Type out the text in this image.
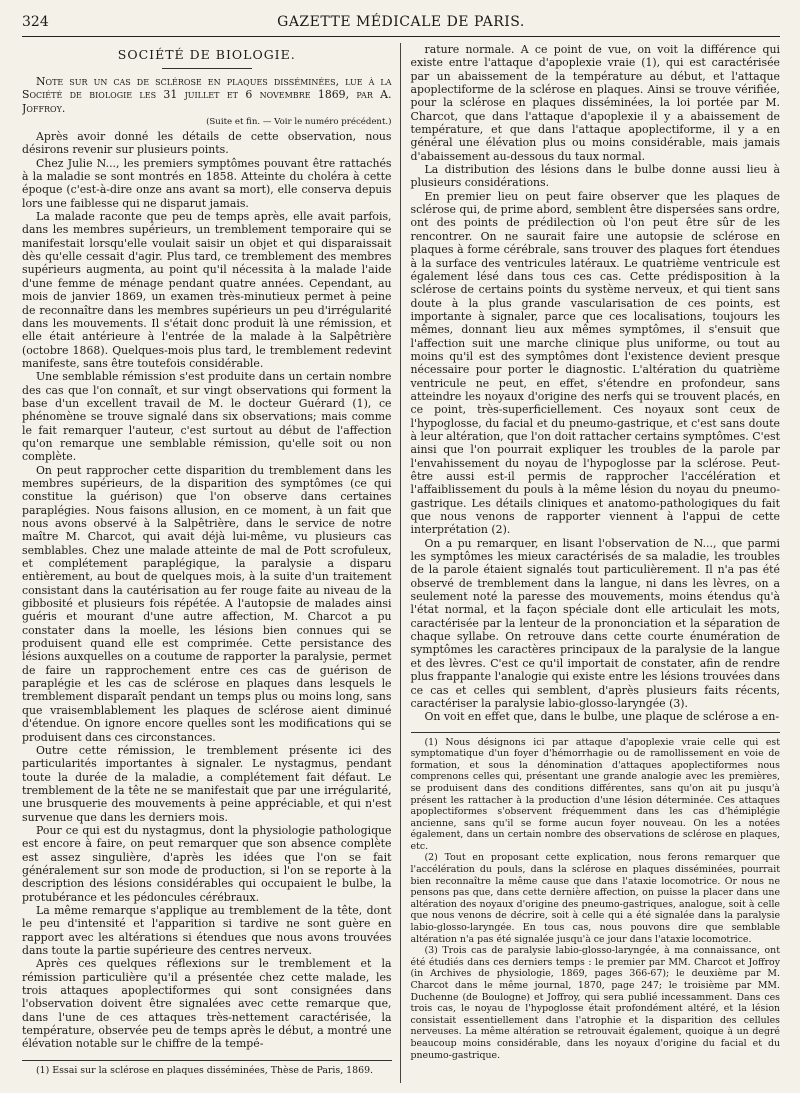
324	GAZETTE MÉDICALE DE PARIS.
SOCIÉTÉ DE BIOLOGIE.

Note sur un cas de sclérose en plaques disséminées, lue à la Société de biologie les 31 juillet et 6 novembre 1869, par A. Joffroy.

(Suite et fin. — Voir le numéro précédent.)

Après avoir donné les détails de cette observation, nous désirons revenir sur plusieurs points.

Chez Julie N..., les premiers symptômes pouvant être rattachés à la maladie se sont montrés en 1858. Atteinte du choléra à cette époque (c'est-à-dire onze ans avant sa mort), elle conserva depuis lors une faiblesse qui ne disparut jamais.

La malade raconte que peu de temps après, elle avait parfois, dans les membres supérieurs, un tremblement temporaire qui se manifestait lorsqu'elle voulait saisir un objet et qui disparaissait dès qu'elle cessait d'agir. Plus tard, ce tremblement des membres supérieurs augmenta, au point qu'il nécessita à la malade l'aide d'une femme de ménage pendant quatre années. Cependant, au mois de janvier 1869, un examen très-minutieux permet à peine de reconnaître dans les membres supérieurs un peu d'irrégularité dans les mouvements. Il s'était donc produit là une rémission, et elle était antérieure à l'entrée de la malade à la Salpêtrière (octobre 1868). Quelques-mois plus tard, le tremblement redevint manifeste, sans être toutefois considérable.

Une semblable rémission s'est produite dans un certain nombre des cas que l'on connaît, et sur vingt observations qui forment la base d'un excellent travail de M. le docteur Guérard (1), ce phénomène se trouve signalé dans six observations; mais comme le fait remarquer l'auteur, c'est surtout au début de l'affection qu'on remarque une semblable rémission, qu'elle soit ou non complète.

On peut rapprocher cette disparition du tremblement dans les membres supérieurs, de la disparition des symptômes (ce qui constitue la guérison) que l'on observe dans certaines paraplégies. Nous faisons allusion, en ce moment, à un fait que nous avons observé à la Salpêtrière, dans le service de notre maître M. Charcot, qui avait déjà lui-même, vu plusieurs cas semblables. Chez une malade atteinte de mal de Pott scrofuleux, et complétement paraplégique, la paralysie a disparu entièrement, au bout de quelques mois, à la suite d'un traitement consistant dans la cautérisation au fer rouge faite au niveau de la gibbosité et plusieurs fois répétée. A l'autopsie de malades ainsi guéris et mourant d'une autre affection, M. Charcot a pu constater dans la moelle, les lésions bien connues qui se produisent quand elle est comprimée. Cette persistance des lésions auxquelles on a coutume de rapporter la paralysie, permet de faire un rapprochement entre ces cas de guérison de paraplégie et les cas de sclérose en plaques dans lesquels le tremblement disparaît pendant un temps plus ou moins long, sans que vraisemblablement les plaques de sclérose aient diminué d'étendue. On ignore encore quelles sont les modifications qui se produisent dans ces circonstances.

Outre cette rémission, le tremblement présente ici des particularités importantes à signaler. Le nystagmus, pendant toute la durée de la maladie, a complétement fait défaut. Le tremblement de la tête ne se manifestait que par une irrégularité, une brusquerie des mouvements à peine appréciable, et qui n'est survenue que dans les derniers mois.

Pour ce qui est du nystagmus, dont la physiologie pathologique est encore à faire, on peut remarquer que son absence complète est assez singulière, d'après les idées que l'on se fait généralement sur son mode de production, si l'on se reporte à la description des lésions considérables qui occupaient le bulbe, la protubérance et les pédoncules cérébraux.

La même remarque s'applique au tremblement de la tête, dont le peu d'intensité et l'apparition si tardive ne sont guère en rapport avec les altérations si étendues que nous avons trouvées dans toute la partie supérieure des centres nerveux.

Après ces quelques réflexions sur le tremblement et la rémission particulière qu'il a présentée chez cette malade, les trois attaques apoplectiformes qui sont consignées dans l'observation doivent être signalées avec cette remarque que, dans l'une de ces attaques très-nettement caractérisée, la température, observée peu de temps après le début, a montré une élévation notable sur le chiffre de la tempé-

(1) Essai sur la sclérose en plaques disséminées, Thèse de Paris, 1869.

rature normale. A ce point de vue, on voit la différence qui existe entre l'attaque d'apoplexie vraie (1), qui est caractérisée par un abaissement de la température au début, et l'attaque apoplectiforme de la sclérose en plaques. Ainsi se trouve vérifiée, pour la sclérose en plaques disséminées, la loi portée par M. Charcot, que dans l'attaque d'apoplexie il y a abaissement de température, et que dans l'attaque apoplectiforme, il y a en général une élévation plus ou moins considérable, mais jamais d'abaissement au-dessous du taux normal.

La distribution des lésions dans le bulbe donne aussi lieu à plusieurs considérations.

En premier lieu on peut faire observer que les plaques de sclérose qui, de prime abord, semblent être dispersées sans ordre, ont des points de prédilection où l'on peut être sûr de les rencontrer. On ne saurait faire une autopsie de sclérose en plaques à forme cérébrale, sans trouver des plaques fort étendues à la surface des ventricules latéraux. Le quatrième ventricule est également lésé dans tous ces cas. Cette prédisposition à la sclérose de certains points du système nerveux, et qui tient sans doute à la plus grande vascularisation de ces points, est importante à signaler, parce que ces localisations, toujours les mêmes, donnant lieu aux mêmes symptômes, il s'ensuit que l'affection suit une marche clinique plus uniforme, ou tout au moins qu'il est des symptômes dont l'existence devient presque nécessaire pour porter le diagnostic. L'altération du quatrième ventricule ne peut, en effet, s'étendre en profondeur, sans atteindre les noyaux d'origine des nerfs qui se trouvent placés, en ce point, très-superficiellement. Ces noyaux sont ceux de l'hypoglosse, du facial et du pneumo-gastrique, et c'est sans doute à leur altération, que l'on doit rattacher certains symptômes. C'est ainsi que l'on pourrait expliquer les troubles de la parole par l'envahissement du noyau de l'hypoglosse par la sclérose. Peut-être aussi est-il permis de rapprocher l'accélération et l'affaiblissement du pouls à la même lésion du noyau du pneumo-gastrique. Les détails cliniques et anatomo-pathologiques du fait que nous venons de rapporter viennent à l'appui de cette interprétation (2).

On a pu remarquer, en lisant l'observation de N..., que parmi les symptômes les mieux caractérisés de sa maladie, les troubles de la parole étaient signalés tout particulièrement. Il n'a pas été observé de tremblement dans la langue, ni dans les lèvres, on a seulement noté la paresse des mouvements, moins étendus qu'à l'état normal, et la façon spéciale dont elle articulait les mots, caractérisée par la lenteur de la prononciation et la séparation de chaque syllabe. On retrouve dans cette courte énumération de symptômes les caractères principaux de la paralysie de la langue et des lèvres. C'est ce qu'il importait de constater, afin de rendre plus frappante l'analogie qui existe entre les lésions trouvées dans ce cas et celles qui semblent, d'après plusieurs faits récents, caractériser la paralysie labio-glosso-laryngée (3).

On voit en effet que, dans le bulbe, une plaque de sclérose a en-

(1) Nous désignons ici par attaque d'apoplexie vraie celle qui est symptomatique d'un foyer d'hémorrhagie ou de ramollissement en voie de formation, et sous la dénomination d'attaques apoplectiformes nous comprenons celles qui, présentant une grande analogie avec les premières, se produisent dans des conditions différentes, sans qu'on ait pu jusqu'à présent les rattacher à la production d'une lésion déterminée. Ces attaques apoplectiformes s'observent fréquemment dans les cas d'hémiplégie ancienne, sans qu'il se forme aucun foyer nouveau. On les a notées également, dans un certain nombre des observations de sclérose en plaques, etc.

(2) Tout en proposant cette explication, nous ferons remarquer que l'accélération du pouls, dans la sclérose en plaques disséminées, pourrait bien reconnaître la même cause que dans l'ataxie locomotrice. Or nous ne pensons pas que, dans cette dernière affection, on puisse la placer dans une altération des noyaux d'origine des pneumo-gastriques, analogue, soit à celle que nous venons de décrire, soit à celle qui a été signalée dans la paralysie labio-glosso-laryngée. En tous cas, nous pouvons dire que semblable altération n'a pas été signalée jusqu'à ce jour dans l'ataxie locomotrice.

(3) Trois cas de paralysie labio-glosso-laryngée, à ma connaissance, ont été étudiés dans ces derniers temps : le premier par MM. Charcot et Joffroy (in Archives de physiologie, 1869, pages 366-67); le deuxième par M. Charcot dans le même journal, 1870, page 247; le troisième par MM. Duchenne (de Boulogne) et Joffroy, qui sera publié incessamment. Dans ces trois cas, le noyau de l'hypoglosse était profondément altéré, et la lésion consistait essentiellement dans l'atrophie et la disparition des cellules nerveuses. La même altération se retrouvait également, quoique à un degré beaucoup moins considérable, dans les noyaux d'origine du facial et du pneumo-gastrique.
